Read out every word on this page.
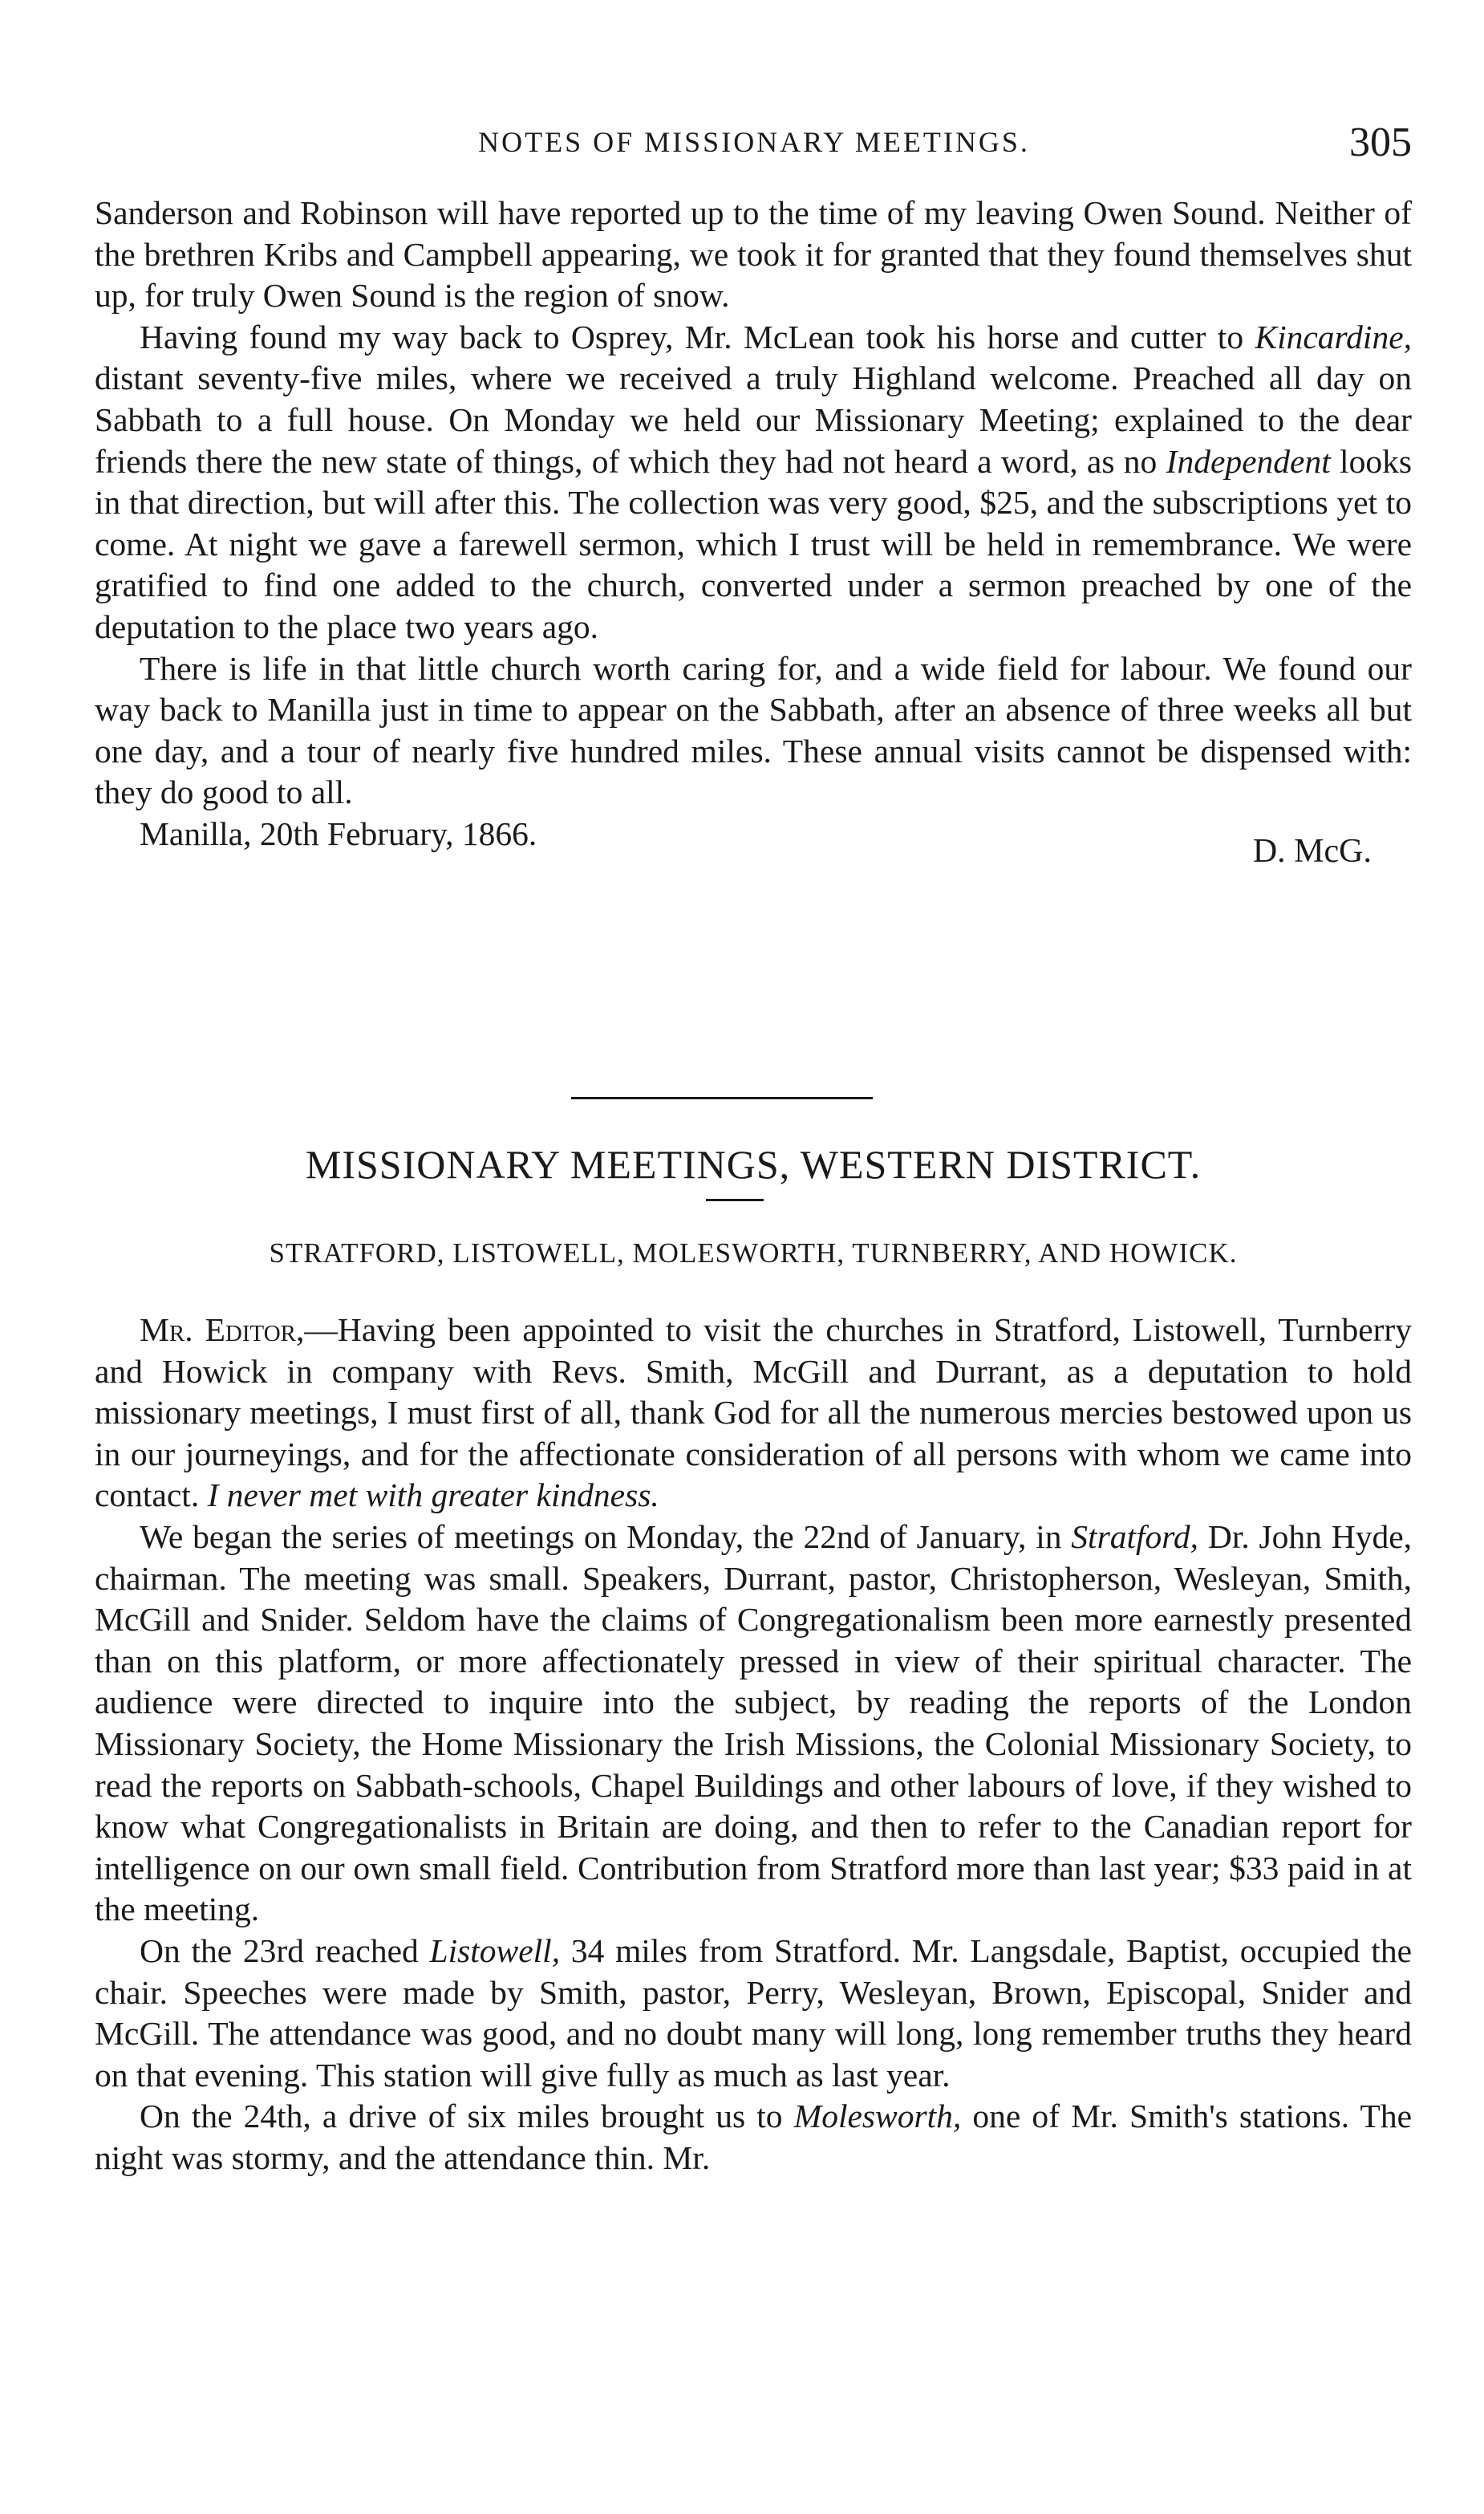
NOTES OF MISSIONARY MEETINGS.	305

Sanderson and Robinson will have reported up to the time of my leaving Owen Sound. Neither of the brethren Kribs and Campbell appearing, we took it for granted that they found themselves shut up, for truly Owen Sound is the region of snow.

Having found my way back to Osprey, Mr. McLean took his horse and cutter to Kincardine, distant seventy-five miles, where we received a truly Highland welcome. Preached all day on Sabbath to a full house. On Monday we held our Missionary Meeting; explained to the dear friends there the new state of things, of which they had not heard a word, as no Independent looks in that direction, but will after this. The collection was very good, $25, and the subscriptions yet to come. At night we gave a farewell sermon, which I trust will be held in remembrance. We were gratified to find one added to the church, converted under a sermon preached by one of the deputation to the place two years ago.

There is life in that little church worth caring for, and a wide field for labour. We found our way back to Manilla just in time to appear on the Sabbath, after an absence of three weeks all but one day, and a tour of nearly five hundred miles. These annual visits cannot be dispensed with: they do good to all.

Manilla, 20th February, 1866.	D. McG.
MISSIONARY MEETINGS, WESTERN DISTRICT.
STRATFORD, LISTOWELL, MOLESWORTH, TURNBERRY, AND HOWICK.

Mr. Editor,—Having been appointed to visit the churches in Stratford, Listowell, Turnberry and Howick in company with Revs. Smith, McGill and Durrant, as a deputation to hold missionary meetings, I must first of all, thank God for all the numerous mercies bestowed upon us in our journeyings, and for the affectionate consideration of all persons with whom we came into contact. I never met with greater kindness.

We began the series of meetings on Monday, the 22nd of January, in Stratford, Dr. John Hyde, chairman. The meeting was small. Speakers, Durrant, pastor, Christopherson, Wesleyan, Smith, McGill and Snider. Seldom have the claims of Congregationalism been more earnestly presented than on this platform, or more affectionately pressed in view of their spiritual character. The audience were directed to inquire into the subject, by reading the reports of the London Missionary Society, the Home Missionary the Irish Missions, the Colonial Missionary Society, to read the reports on Sabbath-schools, Chapel Buildings and other labours of love, if they wished to know what Congregationalists in Britain are doing, and then to refer to the Canadian report for intelligence on our own small field. Contribution from Stratford more than last year; $33 paid in at the meeting.

On the 23rd reached Listowell, 34 miles from Stratford. Mr. Langsdale, Baptist, occupied the chair. Speeches were made by Smith, pastor, Perry, Wesleyan, Brown, Episcopal, Snider and McGill. The attendance was good, and no doubt many will long, long remember truths they heard on that evening. This station will give fully as much as last year.

On the 24th, a drive of six miles brought us to Molesworth, one of Mr. Smith's stations. The night was stormy, and the attendance thin. Mr.
